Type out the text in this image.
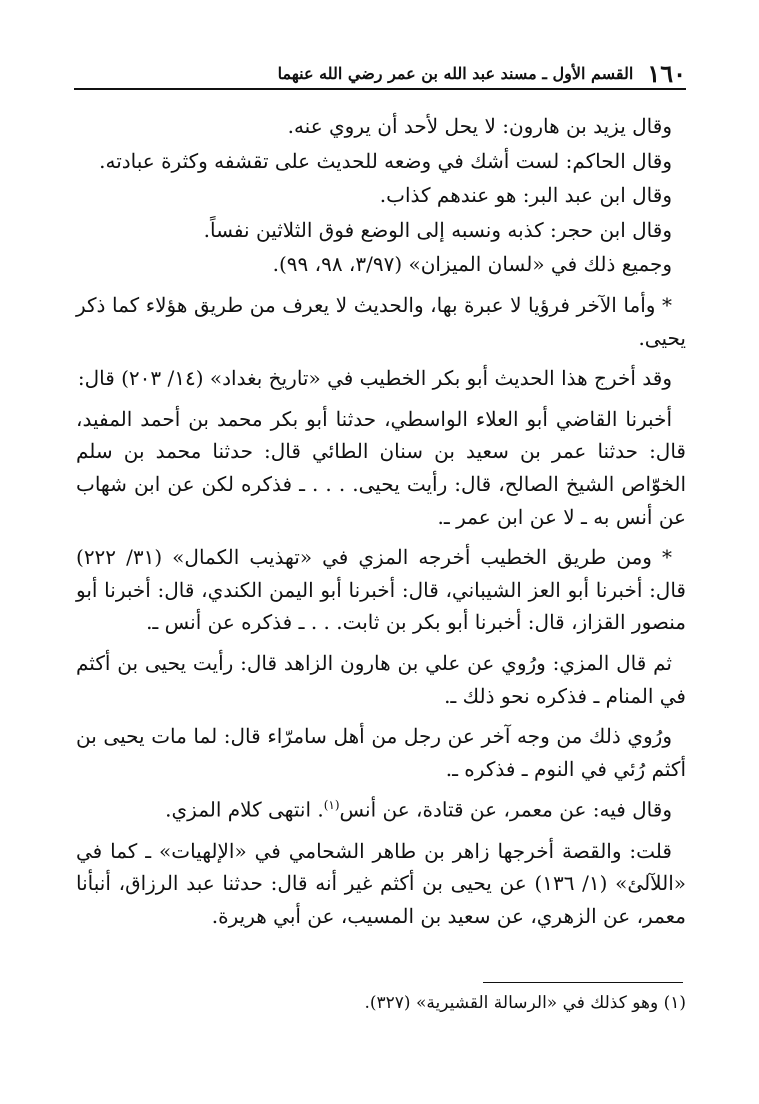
١٦٠
القسم الأول ـ مسند عبد الله بن عمر رضي الله عنهما

وقال يزيد بن هارون: لا يحل لأحد أن يروي عنه.

وقال الحاكم: لست أشك في وضعه للحديث على تقشفه وكثرة عبادته.

وقال ابن عبد البر: هو عندهم كذاب.

وقال ابن حجر: كذبه ونسبه إلى الوضع فوق الثلاثين نفساً.

وجميع ذلك في «لسان الميزان» (٣/٩٧، ٩٨، ٩٩).

* وأما الآخر فرؤيا لا عبرة بها، والحديث لا يعرف من طريق هؤلاء كما ذكر يحيى.

وقد أخرج هذا الحديث أبو بكر الخطيب في «تاريخ بغداد» (١٤/ ٢٠٣) قال:

أخبرنا القاضي أبو العلاء الواسطي، حدثنا أبو بكر محمد بن أحمد المفيد، قال: حدثنا عمر بن سعيد بن سنان الطائي قال: حدثنا محمد بن سلم الخوّاص الشيخ الصالح، قال: رأيت يحيى. . . . ـ فذكره لكن عن ابن شهاب عن أنس به ـ لا عن ابن عمر ـ.

* ومن طريق الخطيب أخرجه المزي في «تهذيب الكمال» (٣١/ ٢٢٢) قال: أخبرنا أبو العز الشيباني، قال: أخبرنا أبو اليمن الكندي، قال: أخبرنا أبو منصور القزاز، قال: أخبرنا أبو بكر بن ثابت. . . ـ فذكره عن أنس ـ.

ثم قال المزي: ورُوي عن علي بن هارون الزاهد قال: رأيت يحيى بن أكثم في المنام ـ فذكره نحو ذلك ـ.

ورُوي ذلك من وجه آخر عن رجل من أهل سامرّاء قال: لما مات يحيى بن أكثم رُئي في النوم ـ فذكره ـ.

وقال فيه: عن معمر، عن قتادة، عن أنس$^{(١)}$. انتهى كلام المزي.

قلت: والقصة أخرجها زاهر بن طاهر الشحامي في «الإلهيات» ـ كما في «اللآلئ» (١/ ١٣٦) عن يحيى بن أكثم غير أنه قال: حدثنا عبد الرزاق، أنبأنا معمر، عن الزهري، عن سعيد بن المسيب، عن أبي هريرة.

(١) وهو كذلك في «الرسالة القشيرية» (٣٢٧).
